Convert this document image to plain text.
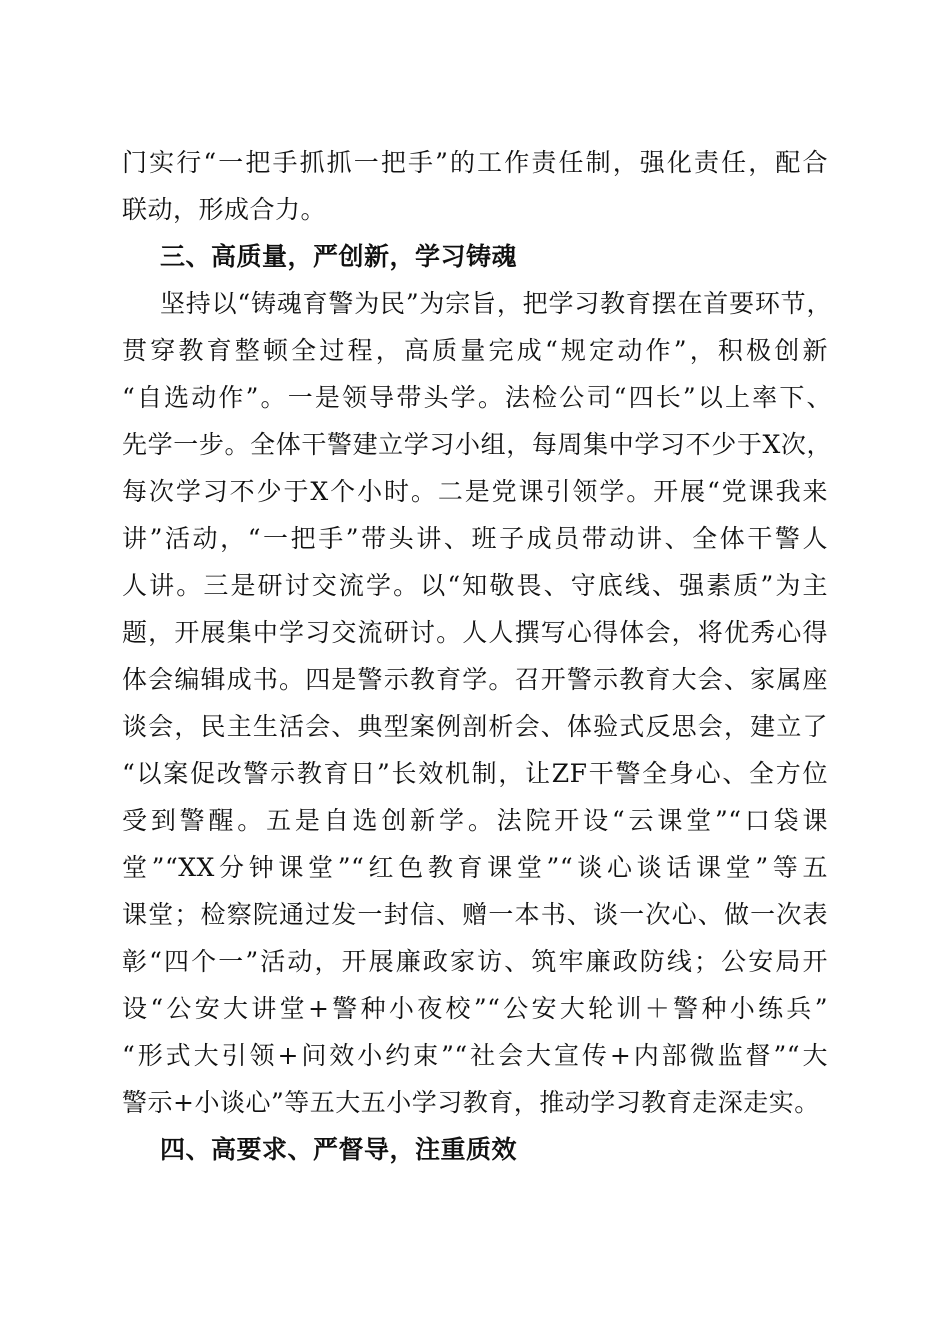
门实行“一把手抓抓一把手”的工作责任制，强化责任，配合
联动，形成合力。
三、高质量，严创新，学习铸魂
坚持以“铸魂育警为民”为宗旨，把学习教育摆在首要环节，
贯穿教育整顿全过程，高质量完成“规定动作”，积极创新
“自选动作”。一是领导带头学。法检公司“四长”以上率下、
先学一步。全体干警建立学习小组，每周集中学习不少于X次，
每次学习不少于X个小时。二是党课引领学。开展“党课我来
讲”活动，“一把手”带头讲、班子成员带动讲、全体干警人
人讲。三是研讨交流学。以“知敬畏、守底线、强素质”为主
题，开展集中学习交流研讨。人人撰写心得体会，将优秀心得
体会编辑成书。四是警示教育学。召开警示教育大会、家属座
谈会，民主生活会、典型案例剖析会、体验式反思会，建立了
“以案促改警示教育日”长效机制，让ZF干警全身心、全方位
受到警醒。五是自选创新学。法院开设“云课堂”“口袋课
堂”“XX分钟课堂”“红色教育课堂”“谈心谈话课堂”等五
课堂；检察院通过发一封信、赠一本书、谈一次心、做一次表
彰“四个一”活动，开展廉政家访、筑牢廉政防线；公安局开
设“公安大讲堂+警种小夜校”“公安大轮训＋警种小练兵”
“形式大引领+问效小约束”“社会大宣传+内部微监督”“大
警示+小谈心”等五大五小学习教育，推动学习教育走深走实。
四、高要求、严督导，注重质效
